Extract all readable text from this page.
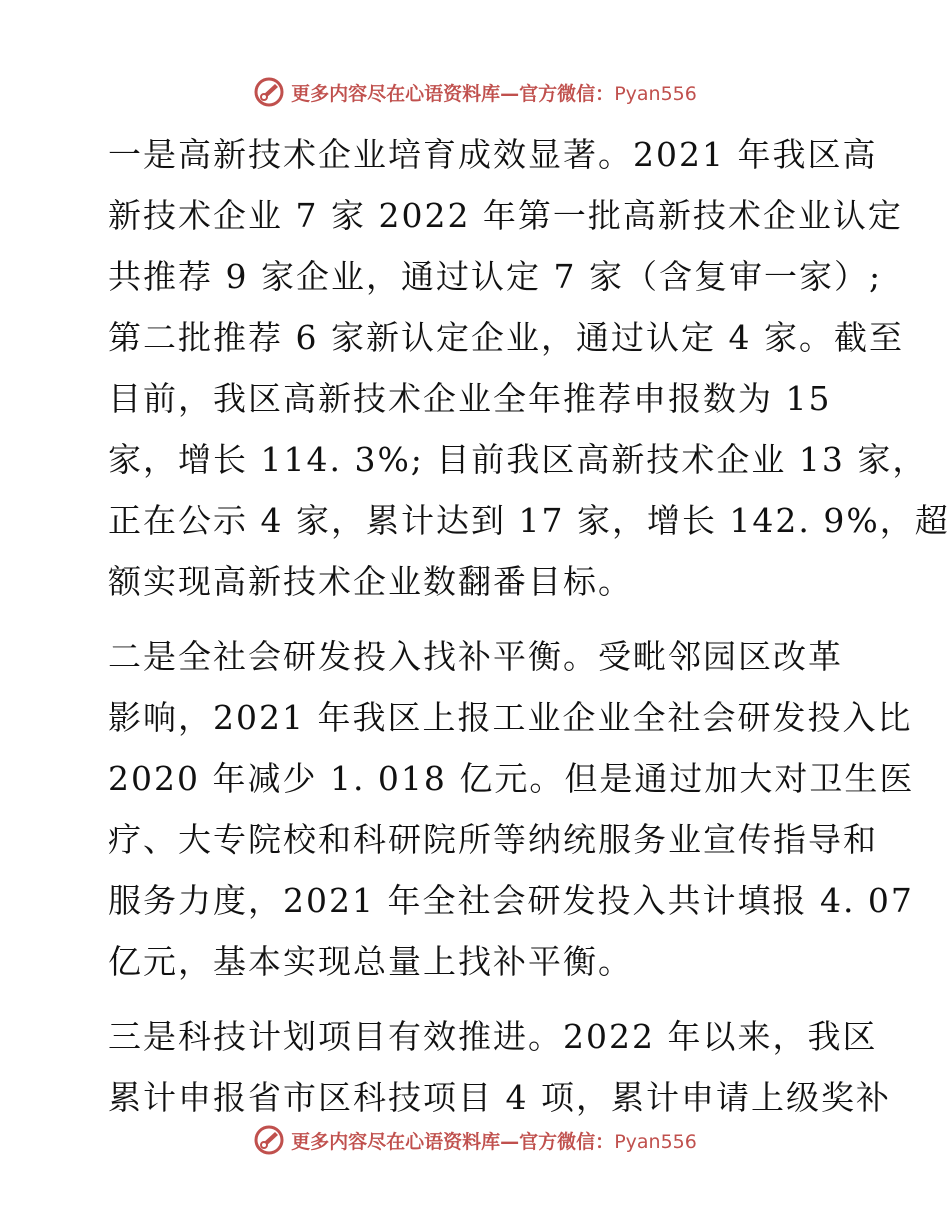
更多内容尽在心语资料库—官方微信：Pyan556

一是高新技术企业培育成效显著。2021 年我区高
新技术企业 7 家 2022 年第一批高新技术企业认定
共推荐 9 家企业，通过认定 7 家（含复审一家）;
第二批推荐 6 家新认定企业，通过认定 4 家。截至
目前，我区高新技术企业全年推荐申报数为 15
家，增长 114. 3%; 目前我区高新技术企业 13 家，
正在公示 4 家，累计达到 17 家，增长 142. 9%，超
额实现高新技术企业数翻番目标。

二是全社会研发投入找补平衡。受毗邻园区改革
影响，2021 年我区上报工业企业全社会研发投入比
2020 年减少 1. 018 亿元。但是通过加大对卫生医
疗、大专院校和科研院所等纳统服务业宣传指导和
服务力度，2021 年全社会研发投入共计填报 4. 07
亿元，基本实现总量上找补平衡。

三是科技计划项目有效推进。2022 年以来，我区
累计申报省市区科技项目 4 项，累计申请上级奖补

更多内容尽在心语资料库—官方微信：Pyan556
